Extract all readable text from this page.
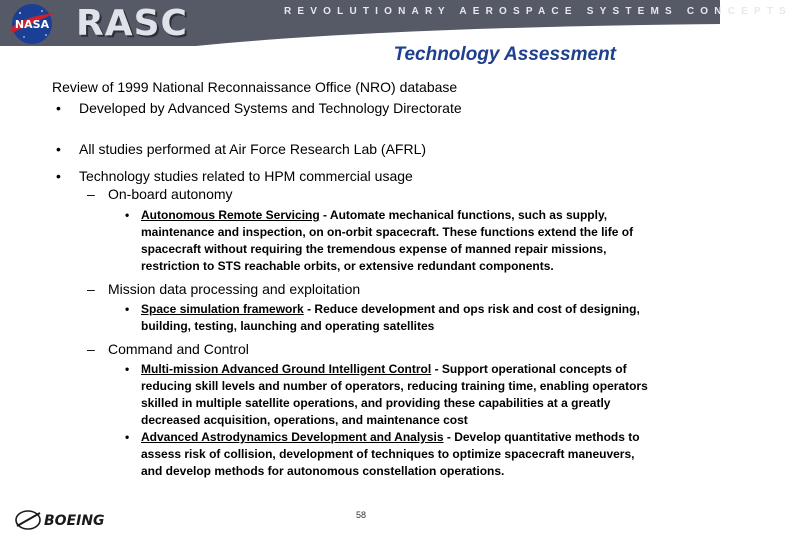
NASA RASC	REVOLUTIONARY AEROSPACE SYSTEMS CONCEPTS
Technology Assessment
Review of 1999 National Reconnaissance Office (NRO) database
• Developed by Advanced Systems and Technology Directorate
• All studies performed at Air Force Research Lab (AFRL)
• Technology studies related to HPM commercial usage
– On-board autonomy
• Autonomous Remote Servicing - Automate mechanical functions, such as supply, maintenance and inspection, on on-orbit spacecraft. These functions extend the life of spacecraft without requiring the tremendous expense of manned repair missions, restriction to STS reachable orbits, or extensive redundant components.
– Mission data processing and exploitation
• Space simulation framework - Reduce development and ops risk and cost of designing, building, testing, launching and operating satellites
– Command and Control
• Multi-mission Advanced Ground Intelligent Control - Support operational concepts of reducing skill levels and number of operators, reducing training time, enabling operators skilled in multiple satellite operations, and providing these capabilities at a greatly decreased acquisition, operations, and maintenance cost
• Advanced Astrodynamics Development and Analysis - Develop quantitative methods to assess risk of collision, development of techniques to optimize spacecraft maneuvers, and develop methods for autonomous constellation operations.
BOEING	58
